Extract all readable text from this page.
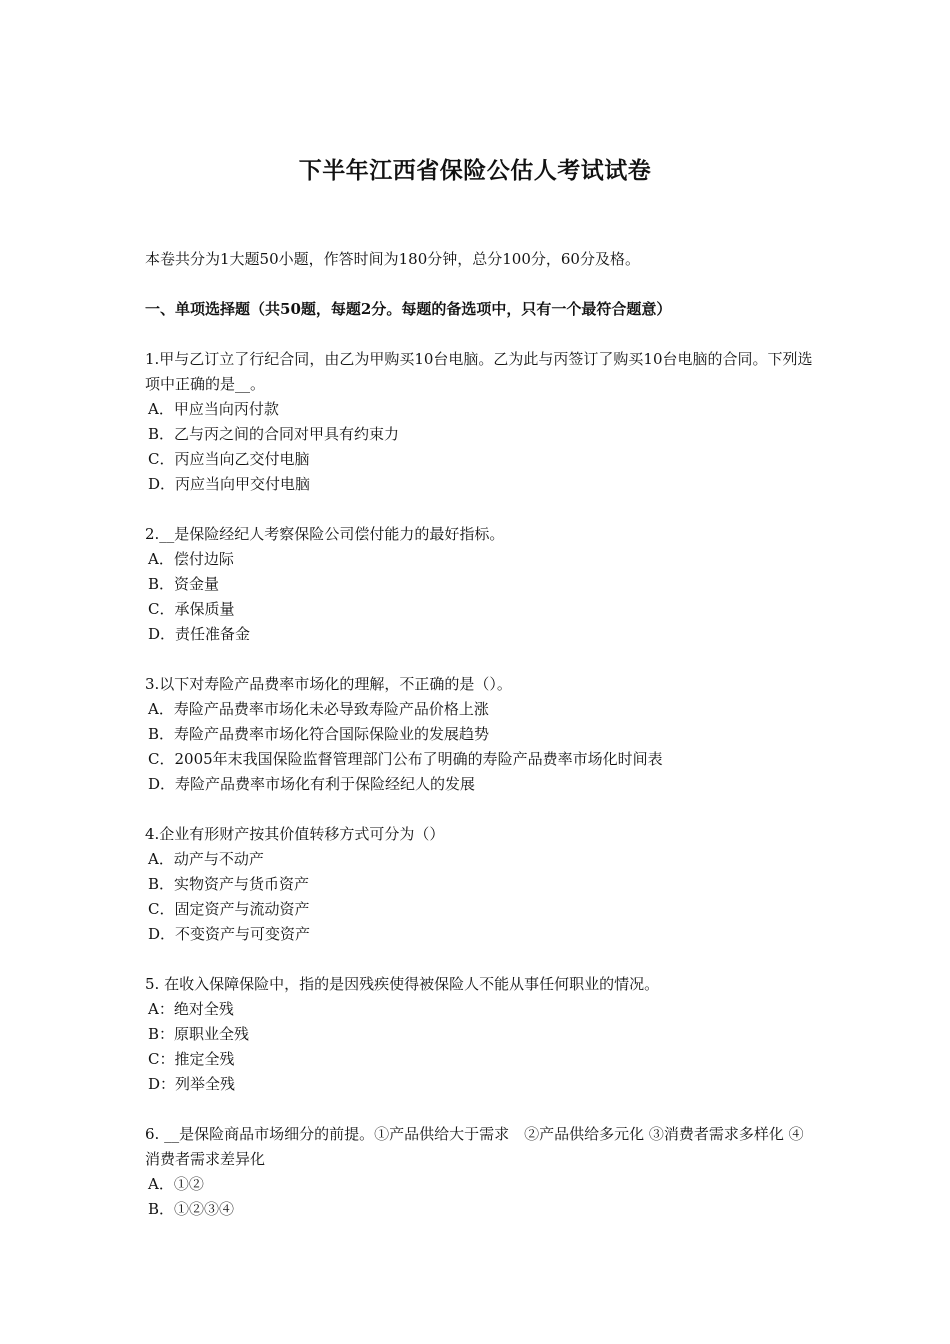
下半年江西省保险公估人考试试卷

本卷共分为1大题50小题，作答时间为180分钟，总分100分，60分及格。

一、单项选择题（共50题，每题2分。每题的备选项中，只有一个最符合题意）

1.甲与乙订立了行纪合同，由乙为甲购买10台电脑。乙为此与丙签订了购买10台电脑的合同。下列选项中正确的是__。

A．甲应当向丙付款

B．乙与丙之间的合同对甲具有约束力

C．丙应当向乙交付电脑

D．丙应当向甲交付电脑

2.__是保险经纪人考察保险公司偿付能力的最好指标。

A．偿付边际

B．资金量

C．承保质量

D．责任准备金

3.以下对寿险产品费率市场化的理解，不正确的是（）。

A．寿险产品费率市场化未必导致寿险产品价格上涨

B．寿险产品费率市场化符合国际保险业的发展趋势

C．2005年末我国保险监督管理部门公布了明确的寿险产品费率市场化时间表

D．寿险产品费率市场化有利于保险经纪人的发展

4.企业有形财产按其价值转移方式可分为（）

A．动产与不动产

B．实物资产与货币资产

C．固定资产与流动资产

D．不变资产与可变资产

5. 在收入保障保险中，指的是因残疾使得被保险人不能从事任何职业的情况。

A：绝对全残

B：原职业全残

C：推定全残

D：列举全残

6. __是保险商品市场细分的前提。①产品供给大于需求　②产品供给多元化 ③消费者需求多样化 ④消费者需求差异化

A．①②

B．①②③④
